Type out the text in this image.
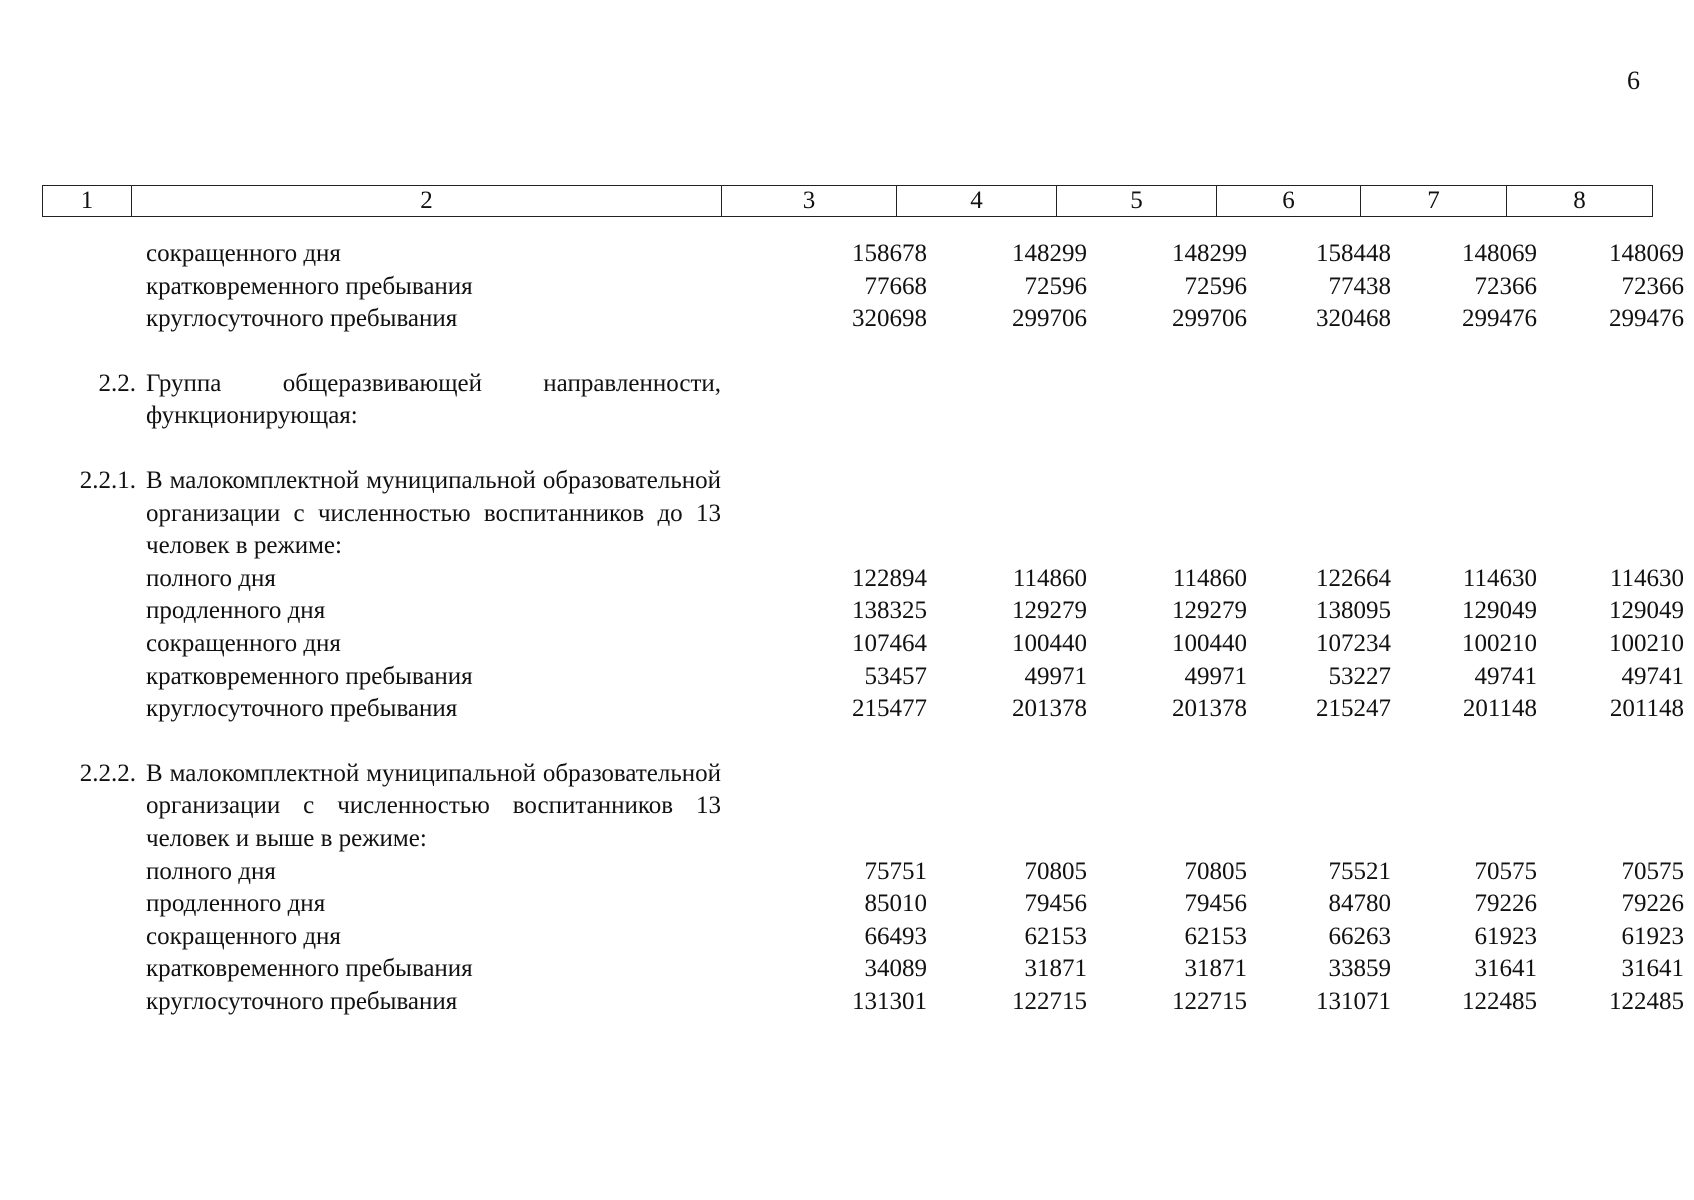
6
1	2	3	4	5	6	7	8
сокращенного дня	158678	148299	148299	158448	148069	148069
кратковременного пребывания	77668	72596	72596	77438	72366	72366
круглосуточного пребывания	320698	299706	299706	320468	299476	299476
2.2. Группа общеразвивающей направленности, функционирующая:
2.2.1. В малокомплектной муниципальной образовательной организации с численностью воспитанников до 13 человек в режиме:
полного дня	122894	114860	114860	122664	114630	114630
продленного дня	138325	129279	129279	138095	129049	129049
сокращенного дня	107464	100440	100440	107234	100210	100210
кратковременного пребывания	53457	49971	49971	53227	49741	49741
круглосуточного пребывания	215477	201378	201378	215247	201148	201148
2.2.2. В малокомплектной муниципальной образовательной организации с численностью воспитанников 13 человек и выше в режиме:
полного дня	75751	70805	70805	75521	70575	70575
продленного дня	85010	79456	79456	84780	79226	79226
сокращенного дня	66493	62153	62153	66263	61923	61923
кратковременного пребывания	34089	31871	31871	33859	31641	31641
круглосуточного пребывания	131301	122715	122715	131071	122485	122485
